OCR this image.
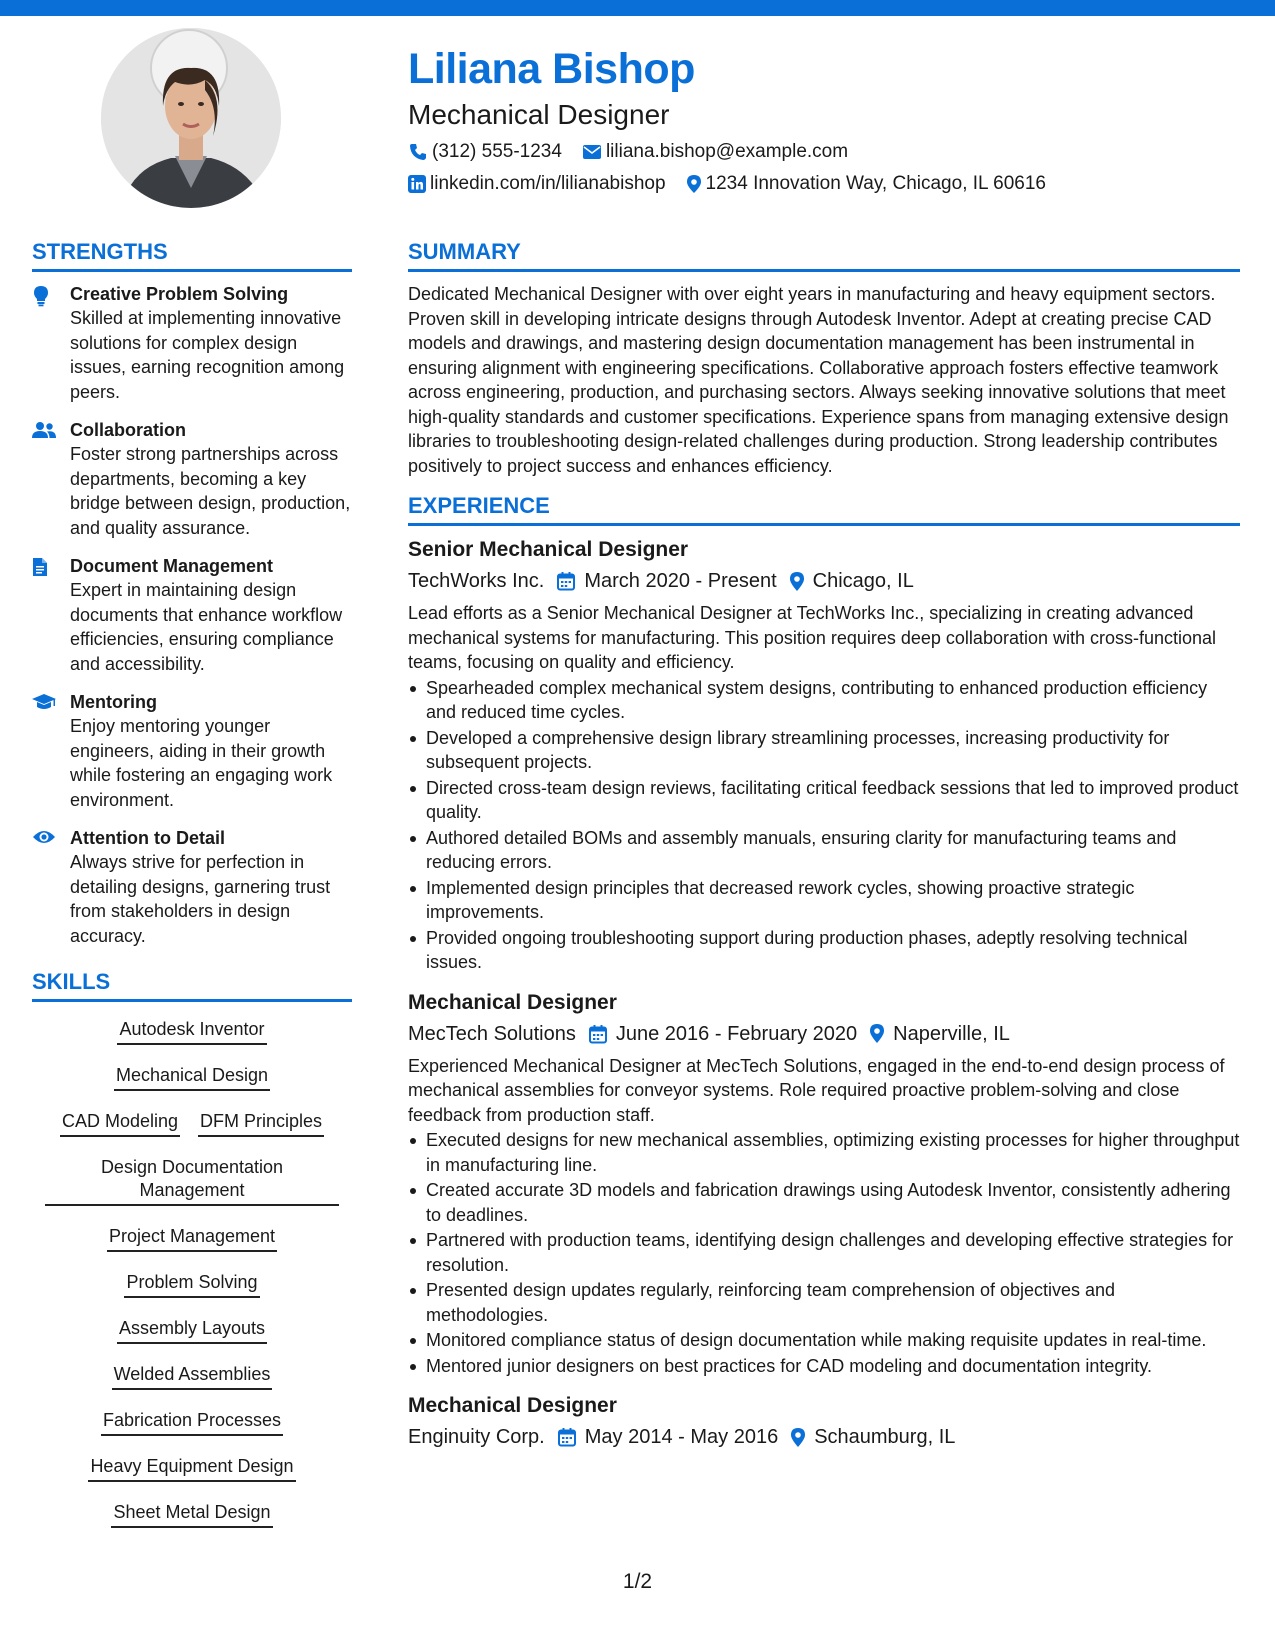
Liliana Bishop
Mechanical Designer
(312) 555-1234 liliana.bishop@example.com
linkedin.com/in/lilianabishop 1234 Innovation Way, Chicago, IL 60616
STRENGTHS
Creative Problem Solving
Skilled at implementing innovative solutions for complex design issues, earning recognition among peers.
Collaboration
Foster strong partnerships across departments, becoming a key bridge between design, production, and quality assurance.
Document Management
Expert in maintaining design documents that enhance workflow efficiencies, ensuring compliance and accessibility.
Mentoring
Enjoy mentoring younger engineers, aiding in their growth while fostering an engaging work environment.
Attention to Detail
Always strive for perfection in detailing designs, garnering trust from stakeholders in design accuracy.
SKILLS
Autodesk Inventor
Mechanical Design
CAD Modeling DFM Principles
Design Documentation
Management
Project Management
Problem Solving
Assembly Layouts
Welded Assemblies
Fabrication Processes
Heavy Equipment Design
Sheet Metal Design
SUMMARY
Dedicated Mechanical Designer with over eight years in manufacturing and heavy equipment sectors. Proven skill in developing intricate designs through Autodesk Inventor. Adept at creating precise CAD models and drawings, and mastering design documentation management has been instrumental in ensuring alignment with engineering specifications. Collaborative approach fosters effective teamwork across engineering, production, and purchasing sectors. Always seeking innovative solutions that meet high-quality standards and customer specifications. Experience spans from managing extensive design libraries to troubleshooting design-related challenges during production. Strong leadership contributes positively to project success and enhances efficiency.
EXPERIENCE
Senior Mechanical Designer
TechWorks Inc. March 2020 - Present Chicago, IL
Lead efforts as a Senior Mechanical Designer at TechWorks Inc., specializing in creating advanced mechanical systems for manufacturing. This position requires deep collaboration with cross-functional teams, focusing on quality and efficiency.
Spearheaded complex mechanical system designs, contributing to enhanced production efficiency and reduced time cycles.
Developed a comprehensive design library streamlining processes, increasing productivity for subsequent projects.
Directed cross-team design reviews, facilitating critical feedback sessions that led to improved product quality.
Authored detailed BOMs and assembly manuals, ensuring clarity for manufacturing teams and reducing errors.
Implemented design principles that decreased rework cycles, showing proactive strategic improvements.
Provided ongoing troubleshooting support during production phases, adeptly resolving technical issues.
Mechanical Designer
MecTech Solutions June 2016 - February 2020 Naperville, IL
Experienced Mechanical Designer at MecTech Solutions, engaged in the end-to-end design process of mechanical assemblies for conveyor systems. Role required proactive problem-solving and close feedback from production staff.
Executed designs for new mechanical assemblies, optimizing existing processes for higher throughput in manufacturing line.
Created accurate 3D models and fabrication drawings using Autodesk Inventor, consistently adhering to deadlines.
Partnered with production teams, identifying design challenges and developing effective strategies for resolution.
Presented design updates regularly, reinforcing team comprehension of objectives and methodologies.
Monitored compliance status of design documentation while making requisite updates in real-time.
Mentored junior designers on best practices for CAD modeling and documentation integrity.
Mechanical Designer
Enginuity Corp. May 2014 - May 2016 Schaumburg, IL
1/2
